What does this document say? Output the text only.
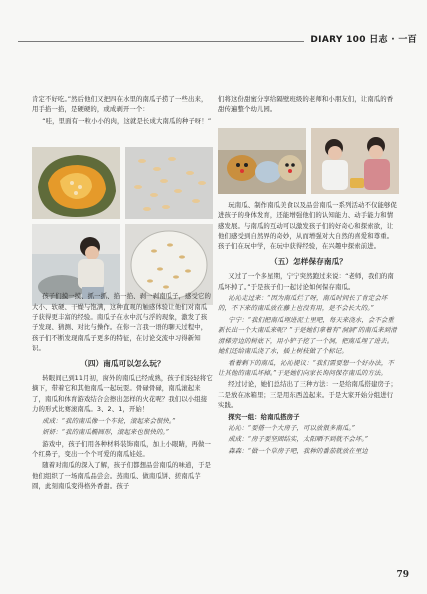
DIARY 100 日志 · 一百

肯定不好吃。”然后他们又把四在水里的南瓜子捞了一些出来，用手掐一掐，是硬硬的，或成剥开一个：

“哇，里面有一粒小小的肉，这就是长成大南瓜的种子呀！”

孩子们摸一摸、抓一抓、掐一掐、剥一剥南瓜子，感受它的大小、软硬、干燥与饱满，这种直观的触感体验让他们对南瓜子获得更丰富的经验。南瓜子在水中沉与浮的现象，激发了孩子发现、猜测、对比与操作。在你一言我一语的聊天过程中，孩子们不断发现南瓜子更多的特征，在讨论交流中习得新知识。

（四）南瓜可以怎么玩？

转眼间已到11月初，窗外的南瓜已经成熟，孩子们轻轻将它摘下，带着它和其他南瓜一起玩耍。骨碌骨碌，南瓜滚起来了，南瓜和体育游戏结合会擦出怎样的火花呢？我们以小组接力的形式比赛滚南瓜。3、2、1，开始！

成成：“我的南瓜像一个车轮，滚起来会很快。”

妍妍：“我的南瓜椭圆形，滚起来也很快的。”

游戏中，孩子们用各种材料装饰南瓜，加上小眼睛，再做一个红鼻子，变出一个个可爱的南瓜娃娃。

随着对南瓜的深入了解，孩子们都想品尝南瓜的味道，于是他们组织了一场南瓜品尝会。蒸南瓜、做南瓜饼、搓南瓜芋圆，此刻南瓜变得格外香甜。孩子

们将这份甜蜜分享给隔壁班级的老师和小朋友们，让南瓜的香甜传遍整个幼儿园。

玩南瓜、制作南瓜美食以及品尝南瓜一系列活动不仅能够促进孩子的身体发育，还能增强他们的认知能力、动手能力和情感发展。与南瓜的互动可以激发孩子们的好奇心和探索欲，让他们感受到自然界的奇妙，从而增强对大自然的喜爱和尊重。孩子们在玩中学，在玩中获得经验，在兴趣中探索前进。

（五）怎样保存南瓜？

又过了一个多星期，宁宁突然跑过来说：“老师，我们的南瓜坏掉了。”于是孩子们一起讨论如何保存南瓜。

沁沁走过来：“因为南瓜烂了呀，南瓜时间长了肯定会坏的，不下来的南瓜放在藤上也没有用，是不会长大的。”

宁宁：“我们把南瓜埋进泥土里吧，每天来浇水，会不会重新长出一个大南瓜来呢？”于是她们拿着有“洞洞”的南瓜来到滑滑梯旁边的树底下，用小铲子挖了一个洞，把南瓜埋了进去。她们还给南瓜浇了水，插上树枝做了个标记。

看着剩下的南瓜，沁沁提议：“我们需要想一个好办法，不让其他的南瓜坏掉。”于是她们向家长询问保存南瓜的方法。

经过讨论，她们总结出了三种方法：一是给南瓜搭建房子；二是放在冰箱里；三是用东西盖起来。于是大家开始分组进行实践。

探究一组：给南瓜搭房子

沁沁：“要搭一个大房子，可以放很多南瓜。”

成成：“房子要坚固结实，太阳晒不到就不会坏。”

森森：“做一个草房子吧，我种的番茄就放在里边

79
